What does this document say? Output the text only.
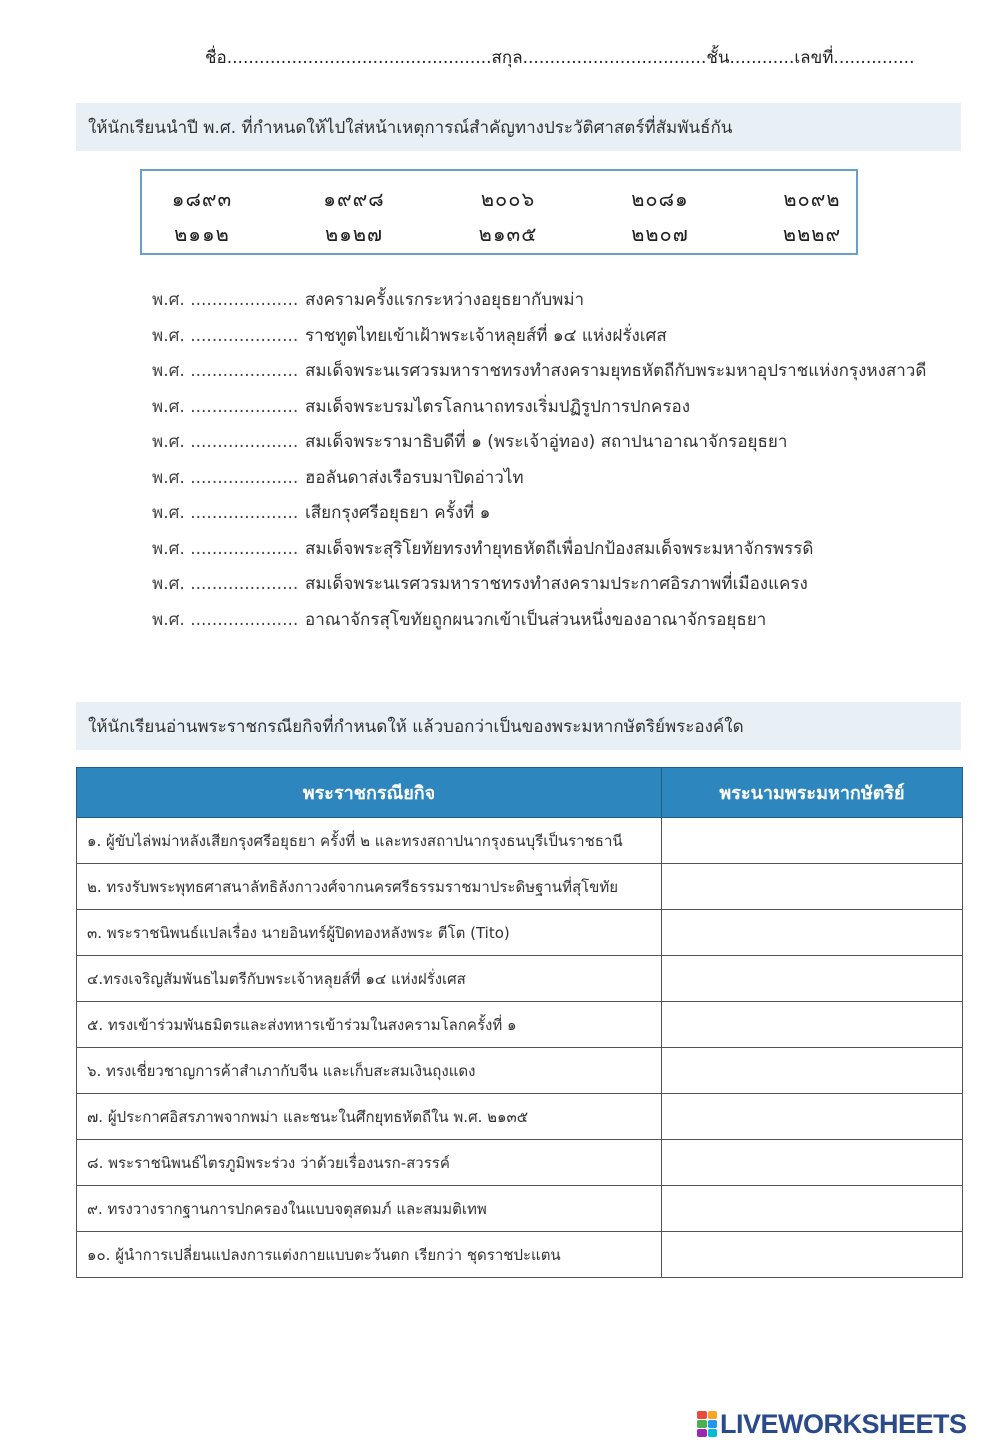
ชื่อ.................................................สกุล..................................ชั้น............เลขที่...............
ให้นักเรียนนำปี พ.ศ. ที่กำหนดให้ไปใส่หน้าเหตุการณ์สำคัญทางประวัติศาสตร์ที่สัมพันธ์กัน
๑๘๙๓	๑๙๙๘	๒๐๐๖	๒๐๘๑	๒๐๙๒
๒๑๑๒	๒๑๒๗	๒๑๓๕	๒๒๐๗	๒๒๒๙
พ.ศ. .................... สงครามครั้งแรกระหว่างอยุธยากับพม่า
พ.ศ. .................... ราชทูตไทยเข้าเฝ้าพระเจ้าหลุยส์ที่ ๑๔ แห่งฝรั่งเศส
พ.ศ. .................... สมเด็จพระนเรศวรมหาราชทรงทำสงครามยุทธหัตถีกับพระมหาอุปราชแห่งกรุงหงสาวดี
พ.ศ. .................... สมเด็จพระบรมไตรโลกนาถทรงเริ่มปฏิรูปการปกครอง
พ.ศ. .................... สมเด็จพระรามาธิบดีที่ ๑ (พระเจ้าอู่ทอง) สถาปนาอาณาจักรอยุธยา
พ.ศ. .................... ฮอลันดาส่งเรือรบมาปิดอ่าวไท
พ.ศ. .................... เสียกรุงศรีอยุธยา ครั้งที่ ๑
พ.ศ. .................... สมเด็จพระสุริโยทัยทรงทำยุทธหัตถีเพื่อปกป้องสมเด็จพระมหาจักรพรรดิ
พ.ศ. .................... สมเด็จพระนเรศวรมหาราชทรงทำสงครามประกาศอิรภาพที่เมืองแครง
พ.ศ. .................... อาณาจักรสุโขทัยถูกผนวกเข้าเป็นส่วนหนึ่งของอาณาจักรอยุธยา
ให้นักเรียนอ่านพระราชกรณียกิจที่กำหนดให้ แล้วบอกว่าเป็นของพระมหากษัตริย์พระองค์ใด
พระราชกรณียกิจ	พระนามพระมหากษัตริย์
๑. ผู้ขับไล่พม่าหลังเสียกรุงศรีอยุธยา ครั้งที่ ๒ และทรงสถาปนากรุงธนบุรีเป็นราชธานี	
๒. ทรงรับพระพุทธศาสนาลัทธิลังกาวงศ์จากนครศรีธรรมราชมาประดิษฐานที่สุโขทัย	
๓. พระราชนิพนธ์แปลเรื่อง นายอินทร์ผู้ปิดทองหลังพระ ตีโต (Tito)	
๔.ทรงเจริญสัมพันธไมตรีกับพระเจ้าหลุยส์ที่ ๑๔ แห่งฝรั่งเศส	
๕. ทรงเข้าร่วมพันธมิตรและส่งทหารเข้าร่วมในสงครามโลกครั้งที่ ๑	
๖. ทรงเชี่ยวชาญการค้าสำเภากับจีน และเก็บสะสมเงินถุงแดง	
๗. ผู้ประกาศอิสรภาพจากพม่า และชนะในศึกยุทธหัตถีใน พ.ศ. ๒๑๓๕	
๘. พระราชนิพนธ์ไตรภูมิพระร่วง ว่าด้วยเรื่องนรก-สวรรค์	
๙. ทรงวางรากฐานการปกครองในแบบจตุสดมภ์ และสมมติเทพ	
๑๐. ผู้นำการเปลี่ยนแปลงการแต่งกายแบบตะวันตก เรียกว่า ชุดราชปะแตน	
LIVEWORKSHEETS
